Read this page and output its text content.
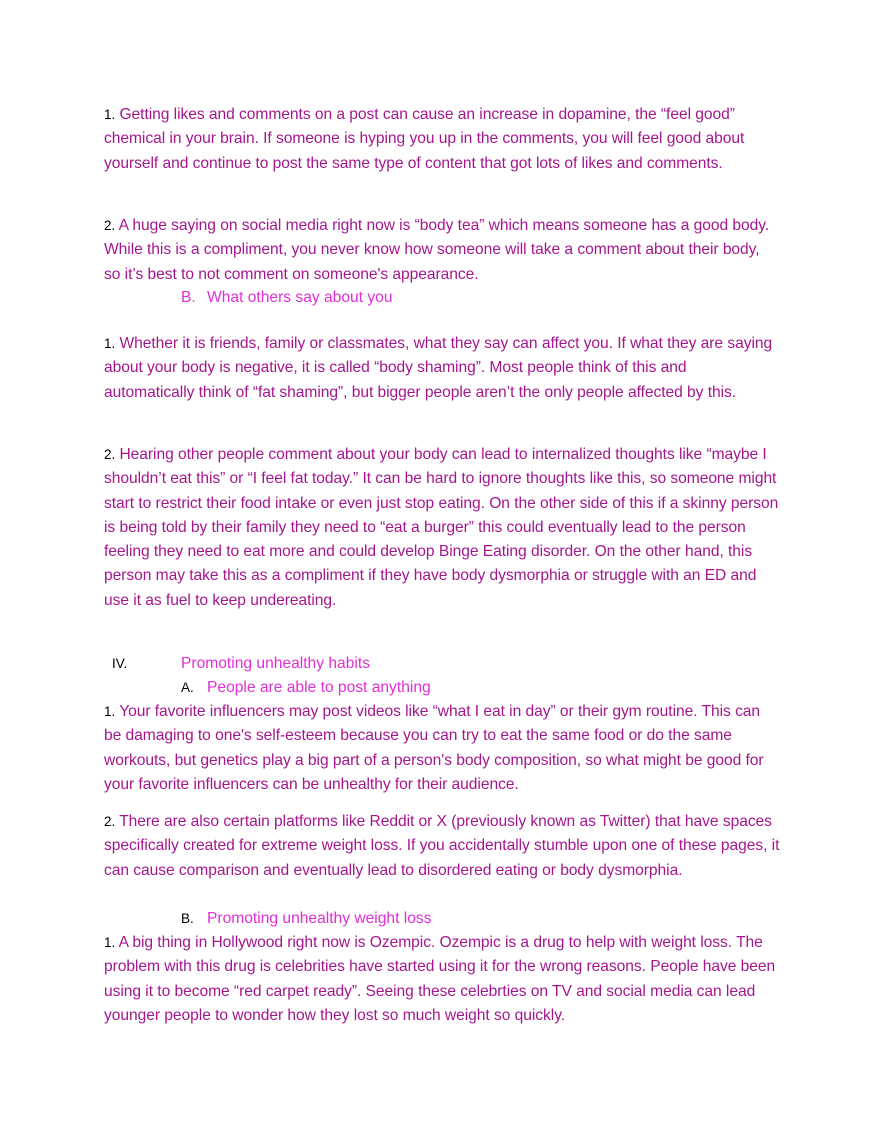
1. Getting likes and comments on a post can cause an increase in dopamine, the “feel good” chemical in your brain. If someone is hyping you up in the comments, you will feel good about yourself and continue to post the same type of content that got lots of likes and comments.

2. A huge saying on social media right now is “body tea” which means someone has a good body. While this is a compliment, you never know how someone will take a comment about their body, so it’s best to not comment on someone's appearance.

B. What others say about you

1. Whether it is friends, family or classmates, what they say can affect you. If what they are saying about your body is negative, it is called “body shaming”. Most people think of this and automatically think of “fat shaming”, but bigger people aren’t the only people affected by this.

2. Hearing other people comment about your body can lead to internalized thoughts like “maybe I shouldn’t eat this” or “I feel fat today.” It can be hard to ignore thoughts like this, so someone might start to restrict their food intake or even just stop eating. On the other side of this if a skinny person is being told by their family they need to “eat a burger” this could eventually lead to the person feeling they need to eat more and could develop Binge Eating disorder. On the other hand, this person may take this as a compliment if they have body dysmorphia or struggle with an ED and use it as fuel to keep undereating.

IV.	Promoting unhealthy habits
A. People are able to post anything

1. Your favorite influencers may post videos like “what I eat in day” or their gym routine. This can be damaging to one's self-esteem because you can try to eat the same food or do the same workouts, but genetics play a big part of a person's body composition, so what might be good for your favorite influencers can be unhealthy for their audience.

2. There are also certain platforms like Reddit or X (previously known as Twitter) that have spaces specifically created for extreme weight loss. If you accidentally stumble upon one of these pages, it can cause comparison and eventually lead to disordered eating or body dysmorphia.

B. Promoting unhealthy weight loss

1. A big thing in Hollywood right now is Ozempic. Ozempic is a drug to help with weight loss. The problem with this drug is celebrities have started using it for the wrong reasons. People have been using it to become “red carpet ready”. Seeing these celebrties on TV and social media can lead younger people to wonder how they lost so much weight so quickly.
